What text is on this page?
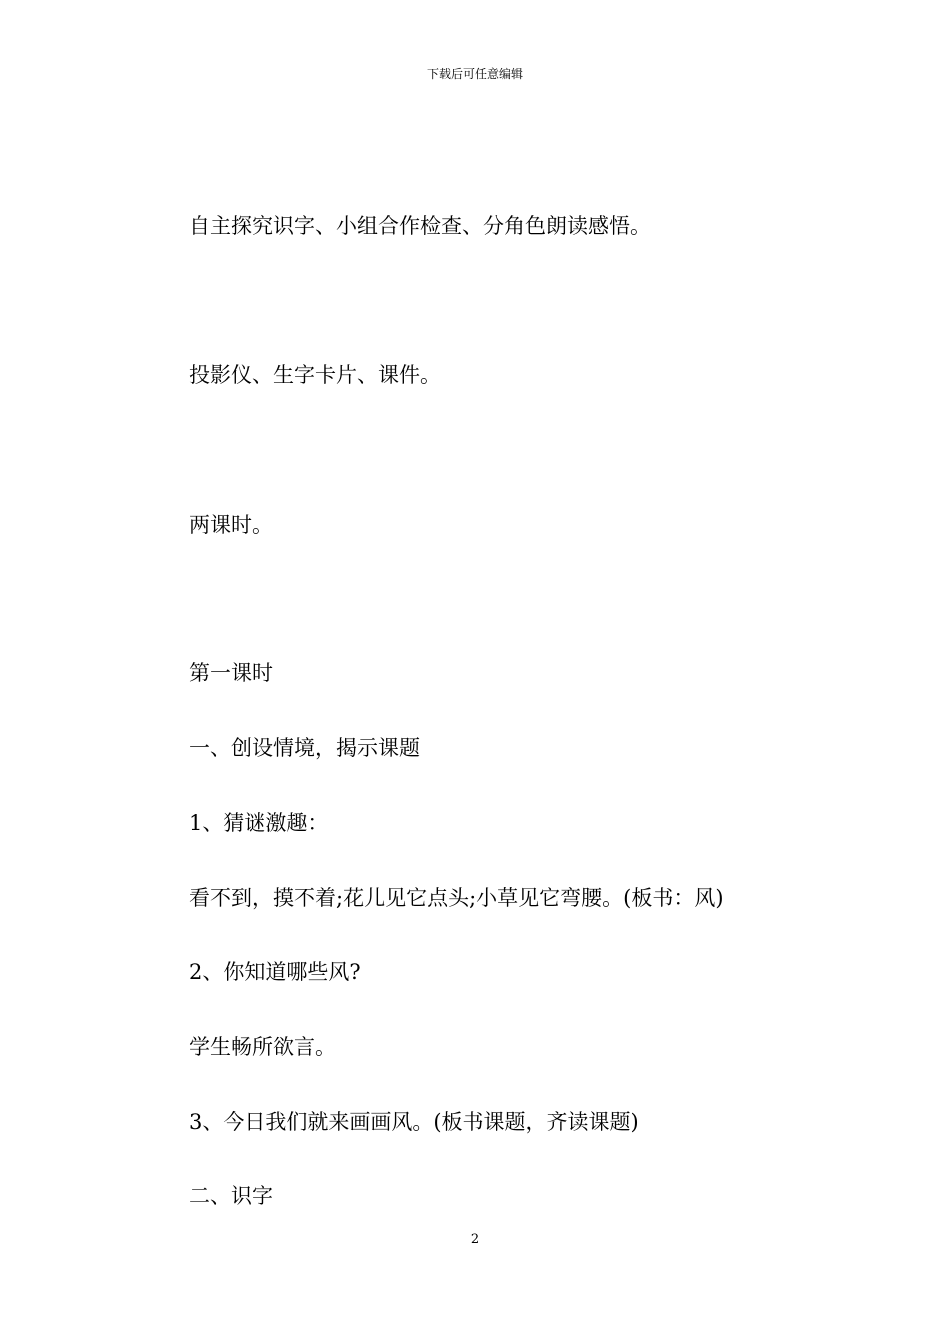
下载后可任意编辑
自主探究识字、小组合作检查、分角色朗读感悟。
投影仪、生字卡片、课件。
两课时。
第一课时
一、创设情境，揭示课题
1、猜谜激趣：
看不到，摸不着;花儿见它点头;小草见它弯腰。(板书：风)
2、你知道哪些风?
学生畅所欲言。
3、今日我们就来画画风。(板书课题，齐读课题)
二、识字
2
